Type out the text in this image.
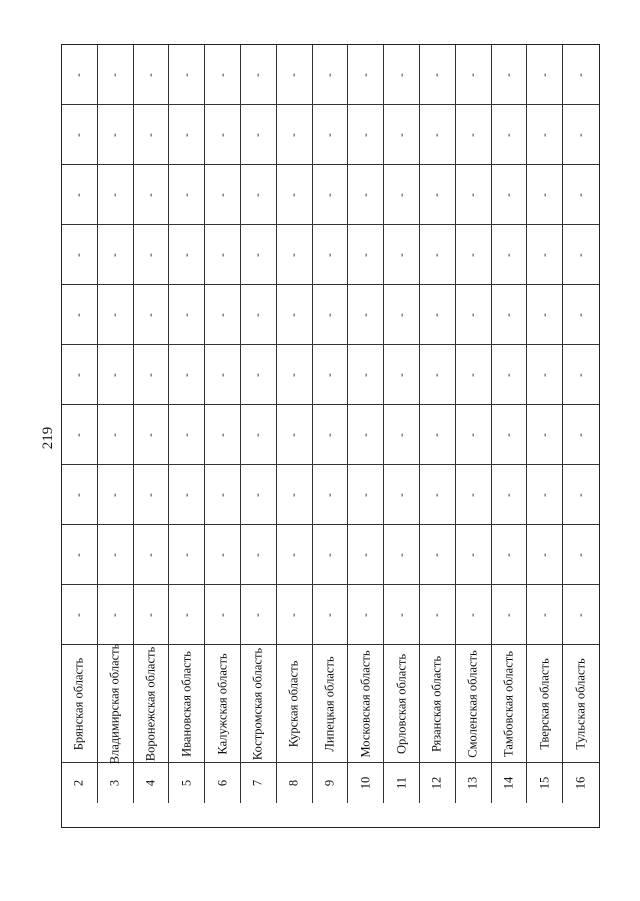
219
- - - - - - - - - - - - - - -
- - - - - - - - - - - - - - -
- - - - - - - - - - - - - - -
- - - - - - - - - - - - - - -
- - - - - - - - - - - - - - -
- - - - - - - - - - - - - - -
- - - - - - - - - - - - - - -
- - - - - - - - - - - - - - -
- - - - - - - - - - - - - - -
- - - - - - - - - - - - - - -
Брянская область Владимирская область Воронежская область Ивановская область Калужская область Костромская область Курская область Липецкая область Московская область Орловская область Рязанская область Смоленская область Тамбовская область Тверская область Тульская область
2 3 4 5 6 7 8 9 10 11 12 13 14 15 16
